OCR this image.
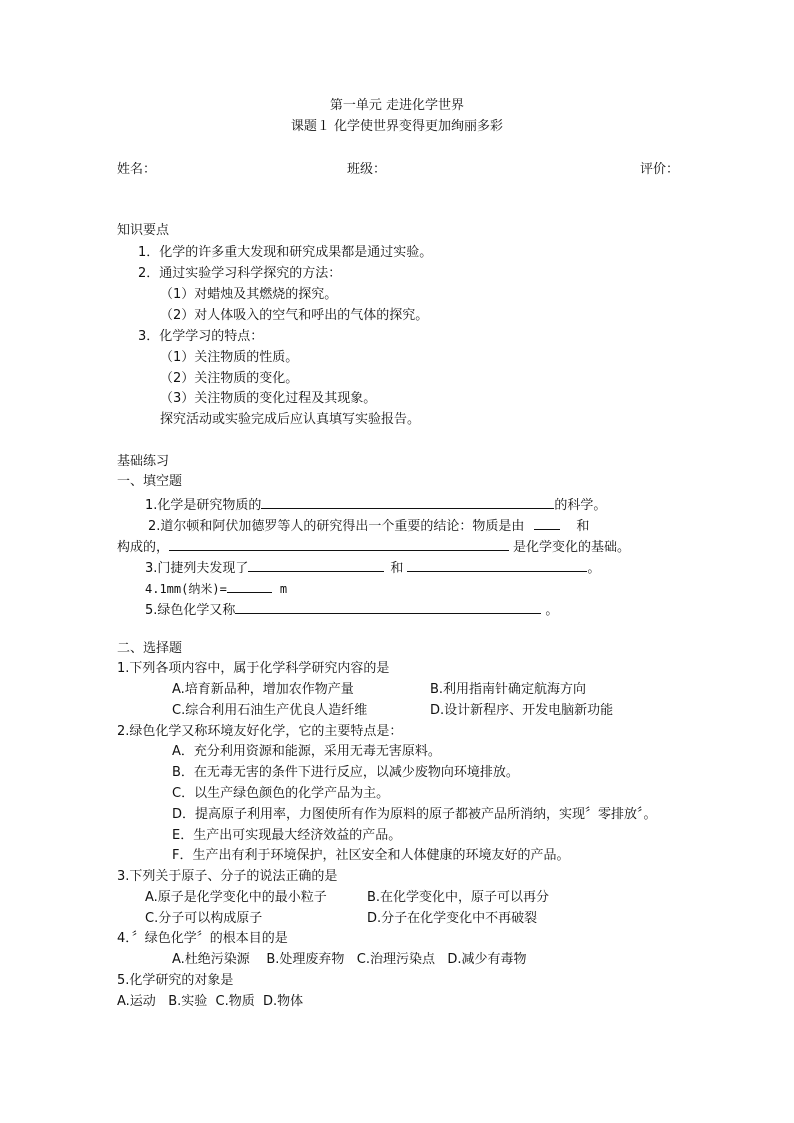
第一单元 走进化学世界
课题１ 化学使世界变得更加绚丽多彩
姓名：	班级：	评价：
知识要点
1．化学的许多重大发现和研究成果都是通过实验。
2．通过实验学习科学探究的方法：
（1）对蜡烛及其燃烧的探究。
（2）对人体吸入的空气和呼出的气体的探究。
3．化学学习的特点：
（1）关注物质的性质。
（2）关注物质的变化。
（3）关注物质的变化过程及其现象。
探究活动或实验完成后应认真填写实验报告。
基础练习
一、填空题
1.化学是研究物质的	的科学。
2.道尔顿和阿伏加德罗等人的研究得出一个重要的结论：物质是由	和
构成的，	是化学变化的基础。
3.门捷列夫发现了	和	。
4.1mm(纳米)=	m
5.绿色化学又称	。
二、选择题
1.下列各项内容中，属于化学科学研究内容的是
A.培育新品种，增加农作物产量	B.利用指南针确定航海方向
C.综合利用石油生产优良人造纤维	D.设计新程序、开发电脑新功能
2.绿色化学又称环境友好化学，它的主要特点是：
A．充分利用资源和能源，采用无毒无害原料。
B．在无毒无害的条件下进行反应，以减少废物向环境排放。
C．以生产绿色颜色的化学产品为主。
D．提高原子利用率，力图使所有作为原料的原子都被产品所消纳，实现〞零排放〞。
E．生产出可实现最大经济效益的产品。
F．生产出有利于环境保护，社区安全和人体健康的环境友好的产品。
3.下列关于原子、分子的说法正确的是
A.原子是化学变化中的最小粒子	B.在化学变化中，原子可以再分
C.分子可以构成原子	D.分子在化学变化中不再破裂
4．〞绿色化学〞的根本目的是
A.杜绝污染源    B.处理废弃物   C.治理污染点   D.减少有毒物
5.化学研究的对象是
A.运动   B.实验  C.物质  D.物体
